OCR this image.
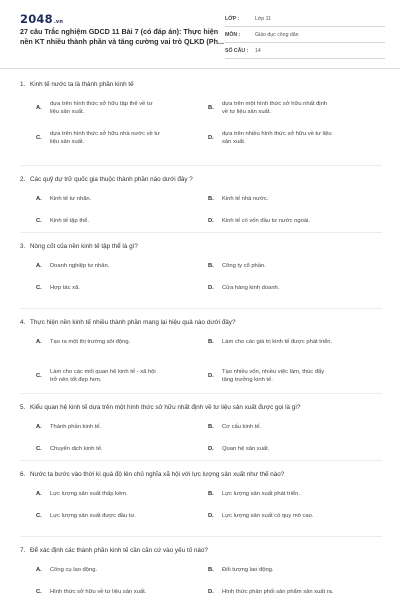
2048.vn
27 câu Trắc nghiệm GDCD 11 Bài 7 (có đáp án): Thực hiện
nền KT nhiều thành phần và tăng cường vai trò QLKD (Ph...
LỚP :	Lớp 11
MÔN :	Giáo dục công dân
SỐ CÂU : 14
1. Kinh tế nước ta là thành phần kinh tế
A.
dựa trên hình thức sở hữu tập thể về tư
liệu sản xuất.
B.
dựa trên một hình thức sở hữu nhất định
về tư liệu sản xuất.
C.
dựa trên hình thức sở hữu nhà nước về tư
liệu sản xuất.
D.
dựa trên nhiều hình thức sở hữu về tư liệu
sản xuất.
2. Các quỹ dự trữ quốc gia thuộc thành phần nào dưới đây ?
A. Kinh tế tư nhân.	B. Kinh tế nhà nước.
C. Kinh tế tập thể.	D. Kinh tế có vốn đầu tư nước ngoài.
3. Nòng cốt của nền kinh tế tập thể là gì?
A. Doanh nghiệp tư nhân.	B. Công ty cổ phần.
C. Hợp tác xã.	D. Cửa hàng kinh doanh.
4. Thực hiện nền kinh tế nhiều thành phần mang lại hiệu quả nào dưới đây?
A. Tạo ra một thị trường sôi động.	B. Làm cho các giá trị kinh tế được phát triển.
C.
Làm cho các mối quan hệ kinh tế - xã hội
trở nên tốt đẹp hơn.
D.
Tạo nhiều vốn, nhiều việc làm, thúc đẩy
tăng trưởng kinh tế.
5. Kiểu quan hệ kinh tế dựa trên một hình thức sở hữu nhất định về tư liệu sản xuất được gọi là gì?
A. Thành phần kinh tế.	B. Cơ cấu kinh tế.
C. Chuyển dịch kinh tế.	D. Quan hệ sản xuất.
6. Nước ta bước vào thời kì quá độ lên chủ nghĩa xã hội với lực lượng sản xuất như thế nào?
A. Lực lượng sản xuất thấp kém.	B. Lực lượng sản xuất phát triển.
C. Lực lượng sản xuất được đầu tư.	D. Lực lượng sản xuất có quy mô cao.
7. Để xác định các thành phần kinh tế cần căn cứ vào yếu tố nào?
A. Công cụ lao động.	B. Đối tượng lao động.
C. Hình thức sở hữu về tư liệu sản xuất.	D. Hình thức phân phối sản phẩm sản xuất ra.
